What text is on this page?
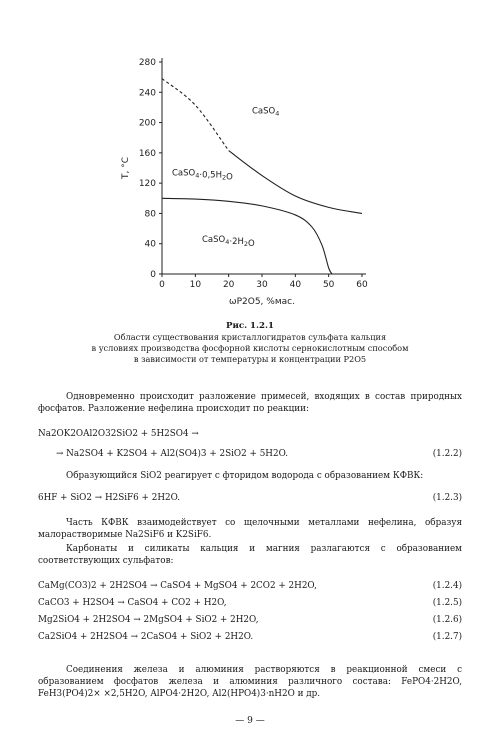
0	10 20 30 40 50 60
0
40
80
120
160
200
240
280
ωP2O5, %мас.
T, °C
CaSO$_4$
$CaSO_4\cdot 0,5H_2O$
$CaSO_4\cdot 2H_2O$
Рис. 1.2.1
Области существования кристаллогидратов сульфата кальция
в условиях производства фосфорной кислоты сернокислотным способом
в зависимости от температуры и концентрации P2O5
Одновременно происходит разложение примесей, входящих в состав природных фосфатов. Разложение нефелина происходит по реакции:
Na2OK2OAl2O32SiO2 + 5H2SO4 →
→ Na2SO4 + K2SO4 + Al2(SO4)3 + 2SiO2 + 5H2O.	(1.2.2)
Образующийся SiO2 реагирует с фторидом водорода с образованием КФВК:
6HF + SiO2 → H2SiF6 + 2H2O.	(1.2.3)
Часть КФВК взаимодействует со щелочными металлами нефелина, образуя малорастворимые Na2SiF6 и K2SiF6.
Карбонаты и силикаты кальция и магния разлагаются с образованием соответствующих сульфатов:
CaMg(CO3)2 + 2H2SO4 → CaSO4 + MgSO4 + 2CO2 + 2H2O,	(1.2.4)
CaCO3 + H2SO4 → CaSO4 + CO2 + H2O,	(1.2.5)
Mg2SiO4 + 2H2SO4 → 2MgSO4 + SiO2 + 2H2O,	(1.2.6)
Ca2SiO4 + 2H2SO4 → 2CaSO4 + SiO2 + 2H2O.	(1.2.7)
Соединения железа и алюминия растворяются в реакционной смеси с образованием фосфатов железа и алюминия различного состава: FePO4·2H2O, FeH3(PO4)2× ×2,5H2O, AlPO4·2H2O, Al2(HPO4)3·nH2O и др.
— 9 —
